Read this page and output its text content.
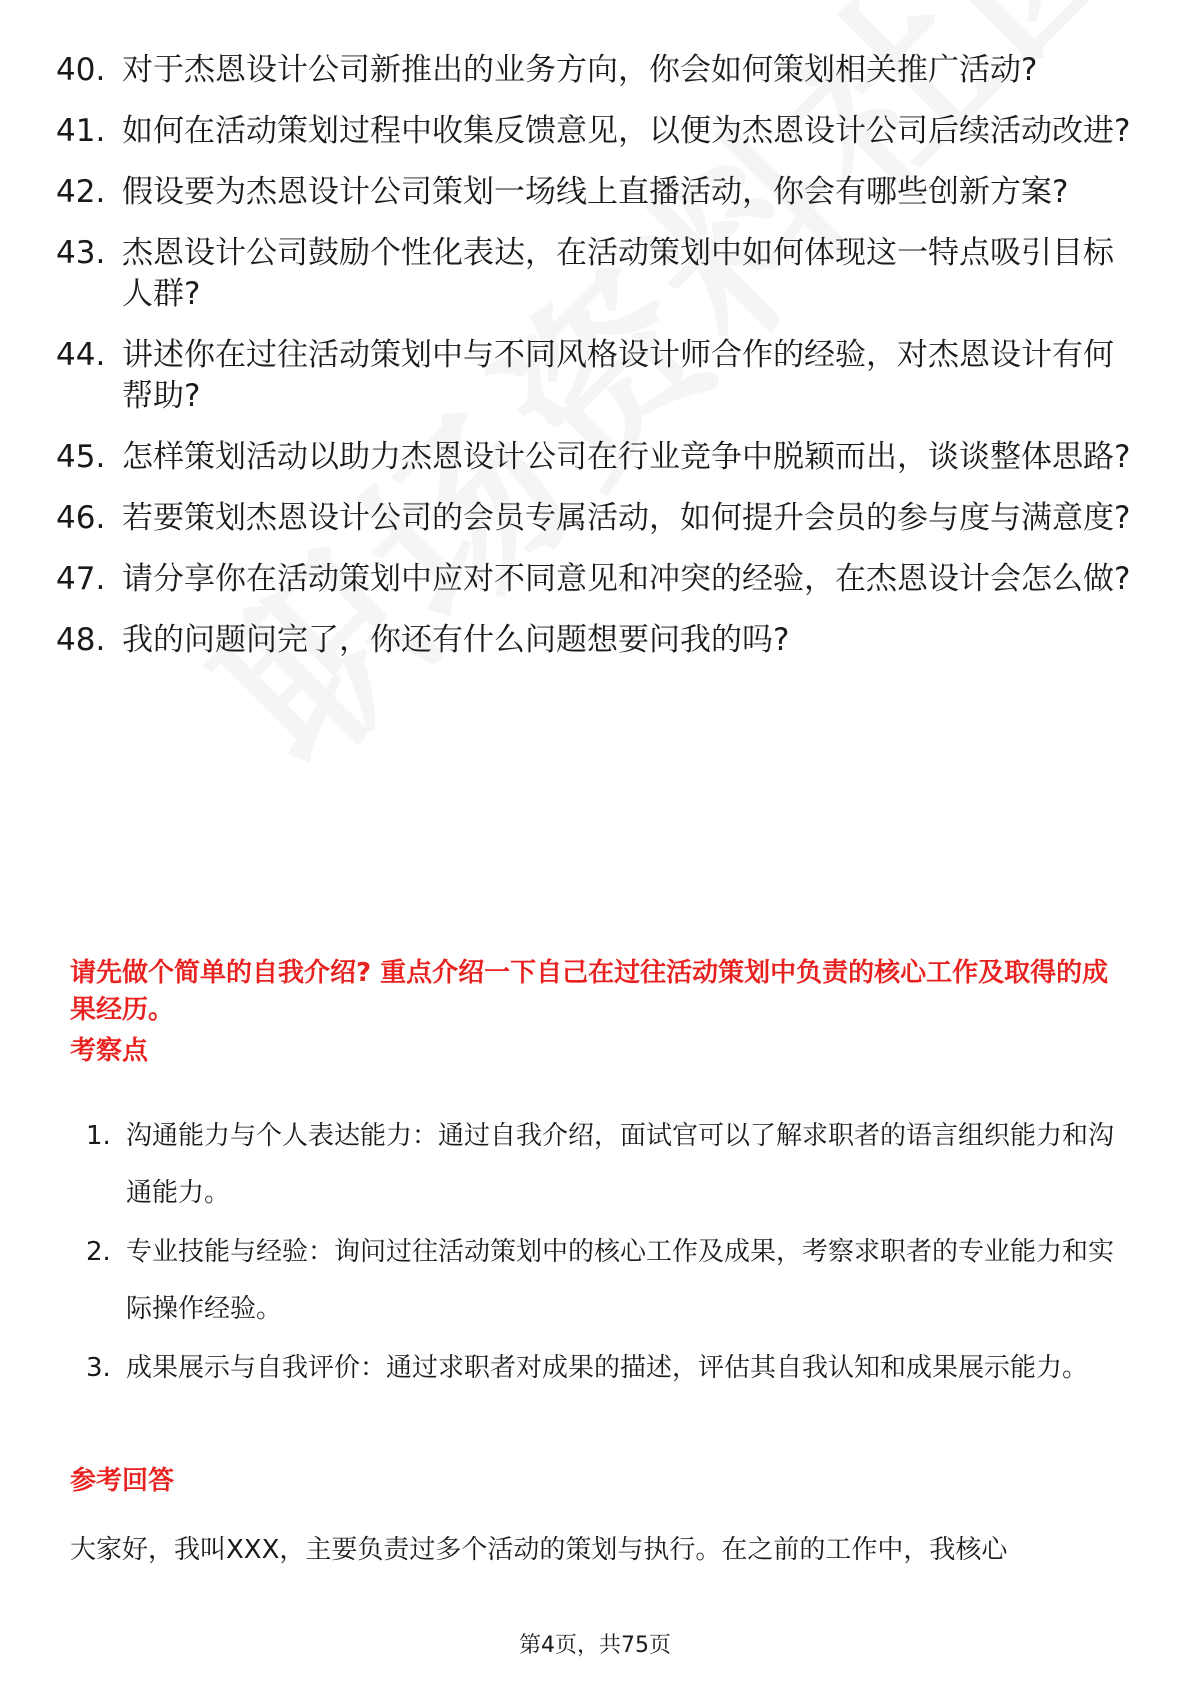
40. 对于杰恩设计公司新推出的业务方向，你会如何策划相关推广活动?
41. 如何在活动策划过程中收集反馈意见，以便为杰恩设计公司后续活动改进?
42. 假设要为杰恩设计公司策划一场线上直播活动，你会有哪些创新方案?
43. 杰恩设计公司鼓励个性化表达，在活动策划中如何体现这一特点吸引目标人群?
44. 讲述你在过往活动策划中与不同风格设计师合作的经验，对杰恩设计有何帮助?
45. 怎样策划活动以助力杰恩设计公司在行业竞争中脱颖而出，谈谈整体思路?
46. 若要策划杰恩设计公司的会员专属活动，如何提升会员的参与度与满意度?
47. 请分享你在活动策划中应对不同意见和冲突的经验，在杰恩设计会怎么做?
48. 我的问题问完了，你还有什么问题想要问我的吗?
请先做个简单的自我介绍? 重点介绍一下自己在过往活动策划中负责的核心工作及取得的成果经历。
考察点
1. 沟通能力与个人表达能力：通过自我介绍，面试官可以了解求职者的语言组织能力和沟通能力。
2. 专业技能与经验：询问过往活动策划中的核心工作及成果，考察求职者的专业能力和实际操作经验。
3. 成果展示与自我评价：通过求职者对成果的描述，评估其自我认知和成果展示能力。
参考回答
大家好，我叫XXX，主要负责过多个活动的策划与执行。在之前的工作中，我核心
第4页，共75页
